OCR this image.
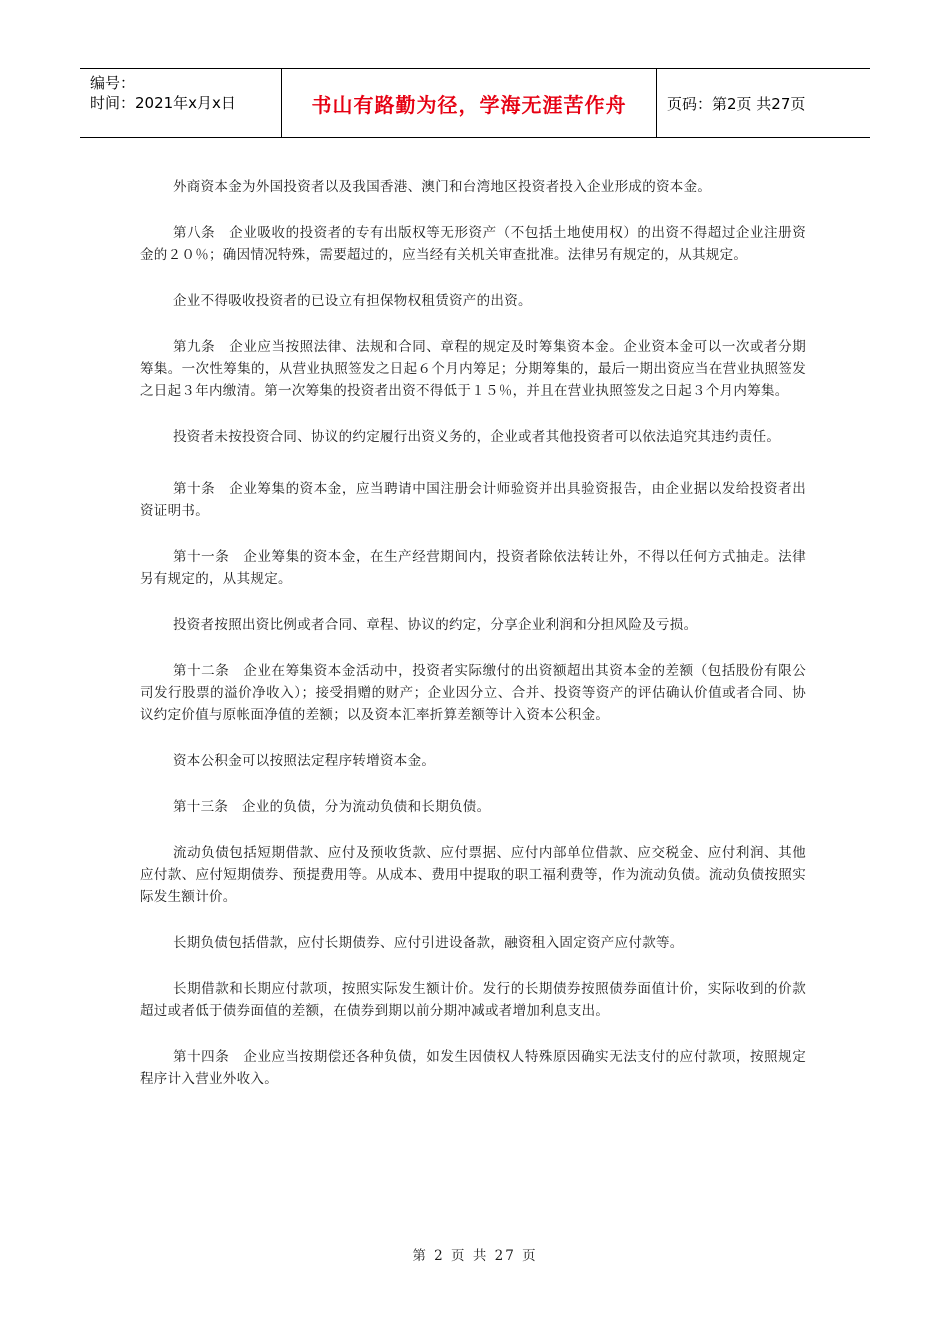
编号：
时间：2021年x月x日	书山有路勤为径，学海无涯苦作舟	页码：第2页 共27页

外商资本金为外国投资者以及我国香港、澳门和台湾地区投资者投入企业形成的资本金。

第八条　企业吸收的投资者的专有出版权等无形资产（不包括土地使用权）的出资不得超过企业注册资金的２０％；确因情况特殊，需要超过的，应当经有关机关审查批准。法律另有规定的，从其规定。

企业不得吸收投资者的已设立有担保物权租赁资产的出资。

第九条　企业应当按照法律、法规和合同、章程的规定及时筹集资本金。企业资本金可以一次或者分期筹集。一次性筹集的，从营业执照签发之日起６个月内筹足；分期筹集的，最后一期出资应当在营业执照签发之日起３年内缴清。第一次筹集的投资者出资不得低于１５％，并且在营业执照签发之日起３个月内筹集。

投资者未按投资合同、协议的约定履行出资义务的，企业或者其他投资者可以依法追究其违约责任。

第十条　企业筹集的资本金，应当聘请中国注册会计师验资并出具验资报告，由企业据以发给投资者出资证明书。

第十一条　企业筹集的资本金，在生产经营期间内，投资者除依法转让外，不得以任何方式抽走。法律另有规定的，从其规定。

投资者按照出资比例或者合同、章程、协议的约定，分享企业利润和分担风险及亏损。

第十二条　企业在筹集资本金活动中，投资者实际缴付的出资额超出其资本金的差额（包括股份有限公司发行股票的溢价净收入）；接受捐赠的财产；企业因分立、合并、投资等资产的评估确认价值或者合同、协议约定价值与原帐面净值的差额；以及资本汇率折算差额等计入资本公积金。

资本公积金可以按照法定程序转增资本金。

第十三条　企业的负债，分为流动负债和长期负债。

流动负债包括短期借款、应付及预收货款、应付票据、应付内部单位借款、应交税金、应付利润、其他应付款、应付短期债券、预提费用等。从成本、费用中提取的职工福利费等，作为流动负债。流动负债按照实际发生额计价。

长期负债包括借款，应付长期债券、应付引进设备款，融资租入固定资产应付款等。

长期借款和长期应付款项，按照实际发生额计价。发行的长期债券按照债券面值计价，实际收到的价款超过或者低于债券面值的差额，在债券到期以前分期冲减或者增加利息支出。

第十四条　企业应当按期偿还各种负债，如发生因债权人特殊原因确实无法支付的应付款项，按照规定程序计入营业外收入。

第 2 页 共 27 页
